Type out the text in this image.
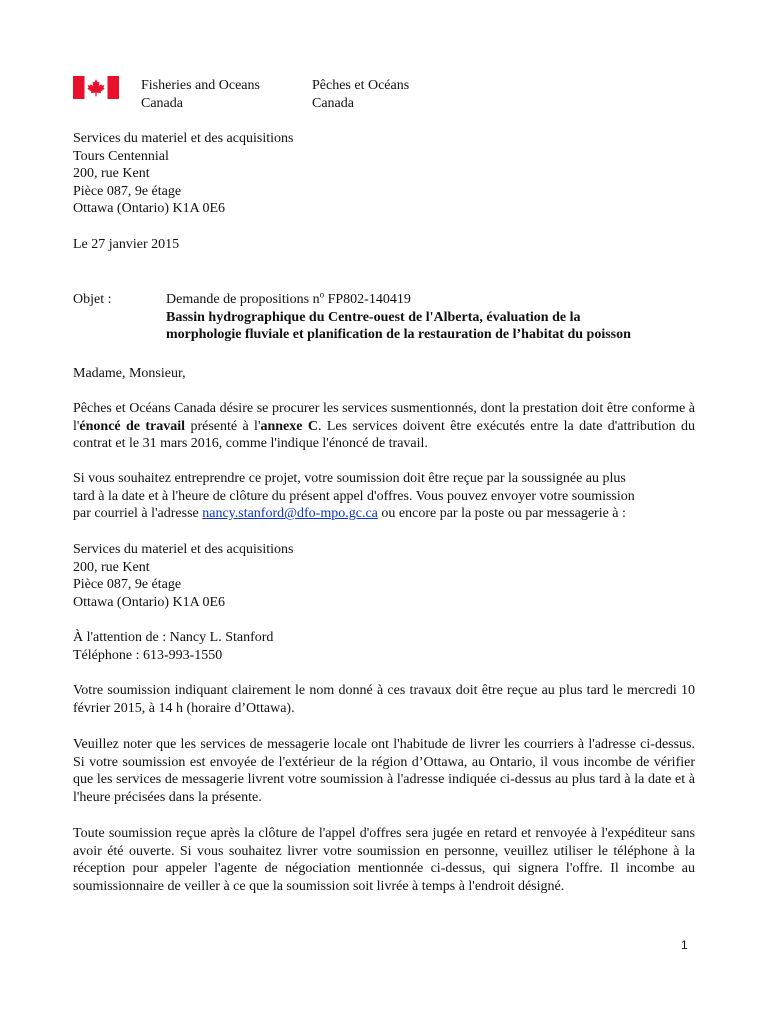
Fisheries and Oceans
Canada
Pêches et Océans
Canada
Services du materiel et des acquisitions
Tours Centennial
200, rue Kent
Pièce 087, 9e étage
Ottawa (Ontario) K1A 0E6
Le 27 janvier 2015
Objet :	Demande de propositions $n^o$ FP802-140419
Bassin hydrographique du Centre-ouest de l'Alberta, évaluation de la
morphologie fluviale et planification de la restauration de l’habitat du poisson
Madame, Monsieur,

Pêches et Océans Canada désire se procurer les services susmentionnés, dont la prestation doit être conforme à l'énoncé de travail présenté à l'annexe C. Les services doivent être exécutés entre la date d'attribution du contrat et le 31 mars 2016, comme l'indique l'énoncé de travail.

Si vous souhaitez entreprendre ce projet, votre soumission doit être reçue par la soussignée au plus
tard à la date et à l'heure de clôture du présent appel d'offres. Vous pouvez envoyer votre soumission
par courriel à l'adresse nancy.stanford@dfo-mpo.gc.ca ou encore par la poste ou par messagerie à :
Services du materiel et des acquisitions
200, rue Kent
Pièce 087, 9e étage
Ottawa (Ontario) K1A 0E6
À l'attention de : Nancy L. Stanford
Téléphone : 613-993-1550

Votre soumission indiquant clairement le nom donné à ces travaux doit être reçue au plus tard le mercredi 10 février 2015, à 14 h (horaire d’Ottawa).

Veuillez noter que les services de messagerie locale ont l'habitude de livrer les courriers à l'adresse ci-dessus. Si votre soumission est envoyée de l'extérieur de la région d’Ottawa, au Ontario, il vous incombe de vérifier que les services de messagerie livrent votre soumission à l'adresse indiquée ci-dessus au plus tard à la date et à l'heure précisées dans la présente.

Toute soumission reçue après la clôture de l'appel d'offres sera jugée en retard et renvoyée à l'expéditeur sans avoir été ouverte. Si vous souhaitez livrer votre soumission en personne, veuillez utiliser le téléphone à la réception pour appeler l'agente de négociation mentionnée ci-dessus, qui signera l'offre. Il incombe au soumissionnaire de veiller à ce que la soumission soit livrée à temps à l'endroit désigné.

1
